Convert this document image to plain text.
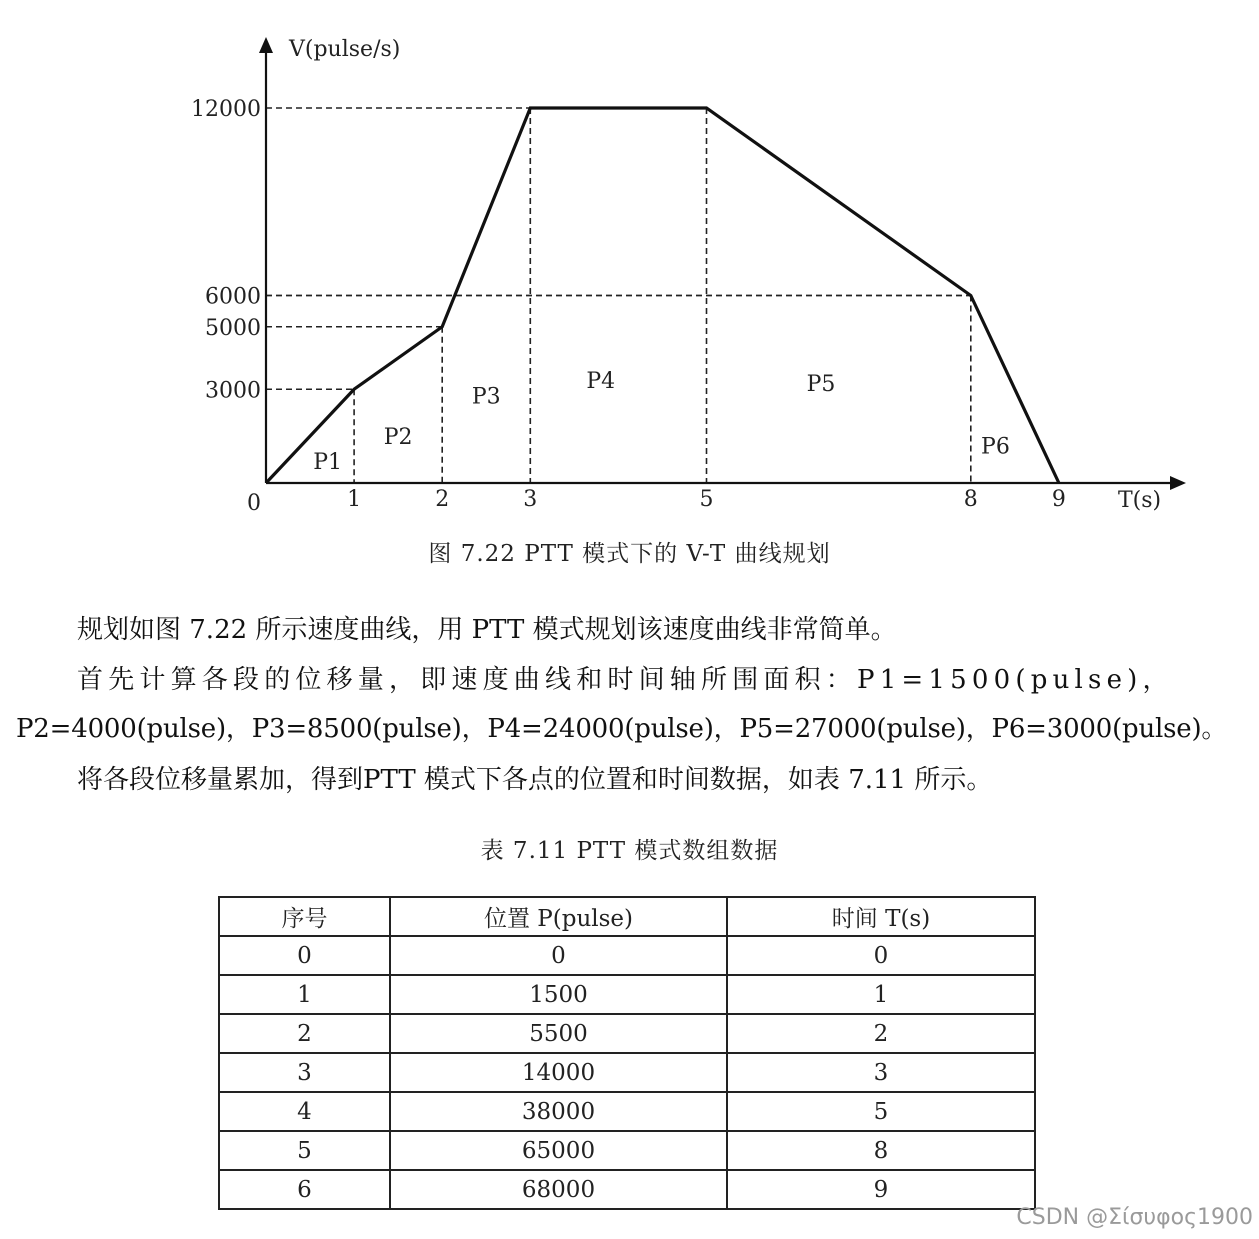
1	2	3	5	8	9
0
3000
5000
6000
12000
V(pulse/s)
T(s)
P1
P2
P3
P4	P5
P6
图 7.22 PTT 模式下的 V-T 曲线规划
规划如图 7.22 所示速度曲线，用 PTT 模式规划该速度曲线非常简单。
首先计算各段的位移量，即速度曲线和时间轴所围面积：P1=1500(pulse)，
P2=4000(pulse)，P3=8500(pulse)，P4=24000(pulse)，P5=27000(pulse)，P6=3000(pulse)。
将各段位移量累加，得到PTT 模式下各点的位置和时间数据，如表 7.11 所示。
表 7.11 PTT 模式数组数据
序号	位置 P(pulse)	时间 T(s)
0	0	0
1	1500	1
2	5500	2
3	14000	3
4	38000	5
5	65000	8
6	68000	9
CSDN @Σίσυφος1900
